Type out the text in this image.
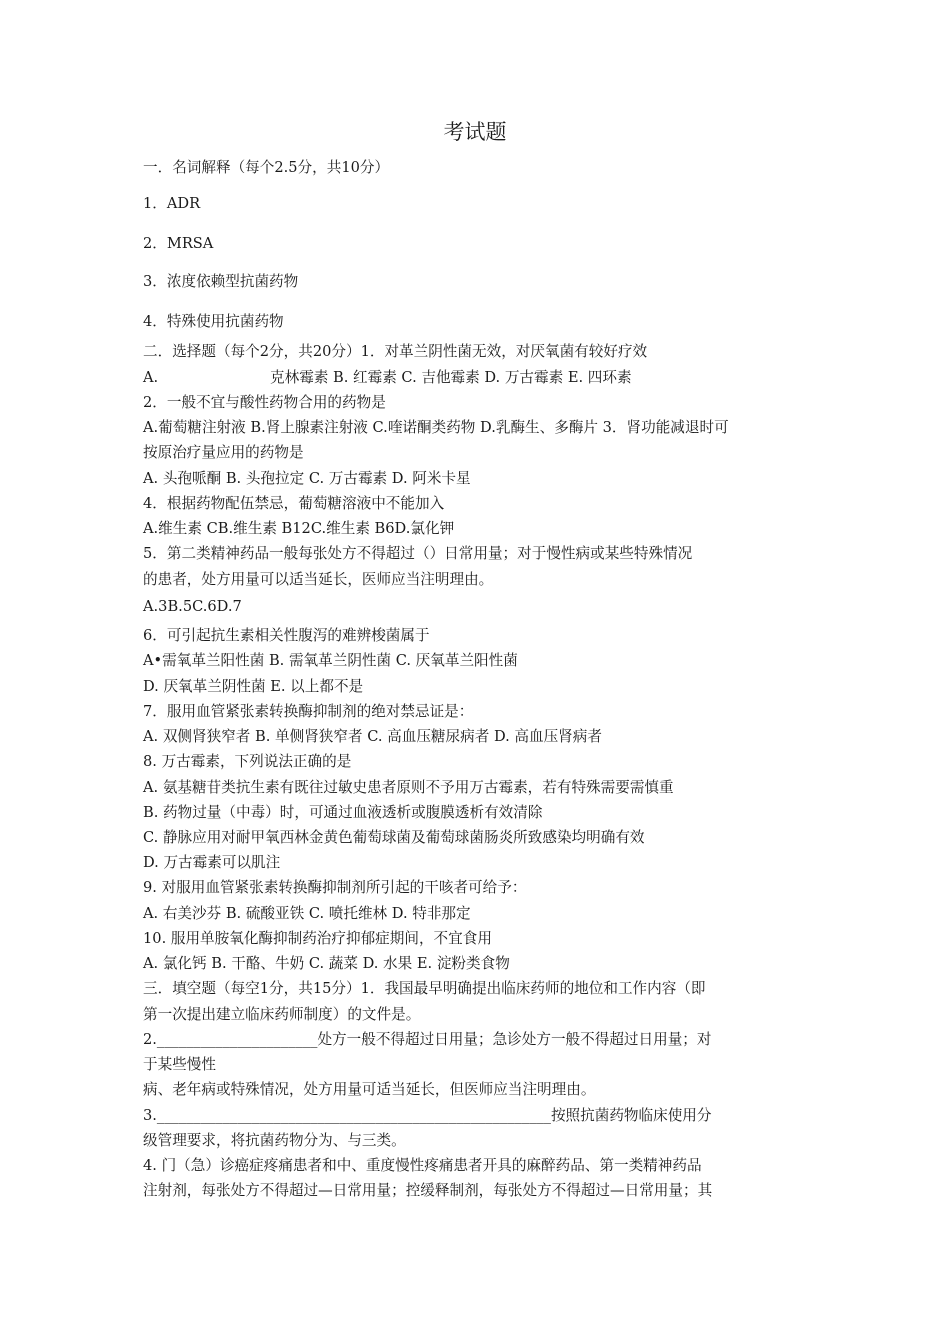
考试题
一．名词解释（每个2.5分，共10分）
1．ADR
2．MRSA
3．浓度依赖型抗菌药物
4．特殊使用抗菌药物
二．选择题（每个2分，共20分）1．对革兰阴性菌无效，对厌氧菌有较好疗效
A.	克林霉素 B. 红霉素 C. 吉他霉素 D. 万古霉素 E. 四环素
2．一般不宜与酸性药物合用的药物是
A.葡萄糖注射液 B.肾上腺素注射液 C.喹诺酮类药物 D.乳酶生、多酶片 3．肾功能减退时可
按原治疗量应用的药物是
A. 头孢哌酮 B. 头孢拉定 C. 万古霉素 D. 阿米卡星
4．根据药物配伍禁忌，葡萄糖溶液中不能加入
A.维生素 CB.维生素 B12C.维生素 B6D.氯化钾
5．第二类精神药品一般每张处方不得超过（）日常用量；对于慢性病或某些特殊情况
的患者，处方用量可以适当延长，医师应当注明理由。
A.3B.5C.6D.7
6．可引起抗生素相关性腹泻的难辨梭菌属于
A•需氧革兰阳性菌 B. 需氧革兰阴性菌 C. 厌氧革兰阳性菌
D. 厌氧革兰阴性菌 E. 以上都不是
7．服用血管紧张素转换酶抑制剂的绝对禁忌证是：
A. 双侧肾狭窄者 B. 单侧肾狭窄者 C. 高血压糖尿病者 D. 高血压肾病者
8. 万古霉素，下列说法正确的是
A. 氨基糖苷类抗生素有既往过敏史患者原则不予用万古霉素，若有特殊需要需慎重
B. 药物过量（中毒）时，可通过血液透析或腹膜透析有效清除
C. 静脉应用对耐甲氧西林金黄色葡萄球菌及葡萄球菌肠炎所致感染均明确有效
D. 万古霉素可以肌注
9. 对服用血管紧张素转换酶抑制剂所引起的干咳者可给予：
A. 右美沙芬 B. 硫酸亚铁 C. 喷托维林 D. 特非那定
10. 服用单胺氧化酶抑制药治疗抑郁症期间，不宜食用
A. 氯化钙 B. 干酪、牛奶 C. 蔬菜 D. 水果 E. 淀粉类食物
三．填空题（每空1分，共15分）1．我国最早明确提出临床药师的地位和工作内容（即
第一次提出建立临床药师制度）的文件是。
2.______________________处方一般不得超过日用量；急诊处方一般不得超过日用量；对
于某些慢性
病、老年病或特殊情况，处方用量可适当延长，但医师应当注明理由。
3.______________________________________________________按照抗菌药物临床使用分
级管理要求，将抗菌药物分为、与三类。
4. 门（急）诊癌症疼痛患者和中、重度慢性疼痛患者开具的麻醉药品、第一类精神药品
注射剂，每张处方不得超过—日常用量；控缓释制剂，每张处方不得超过—日常用量；其
